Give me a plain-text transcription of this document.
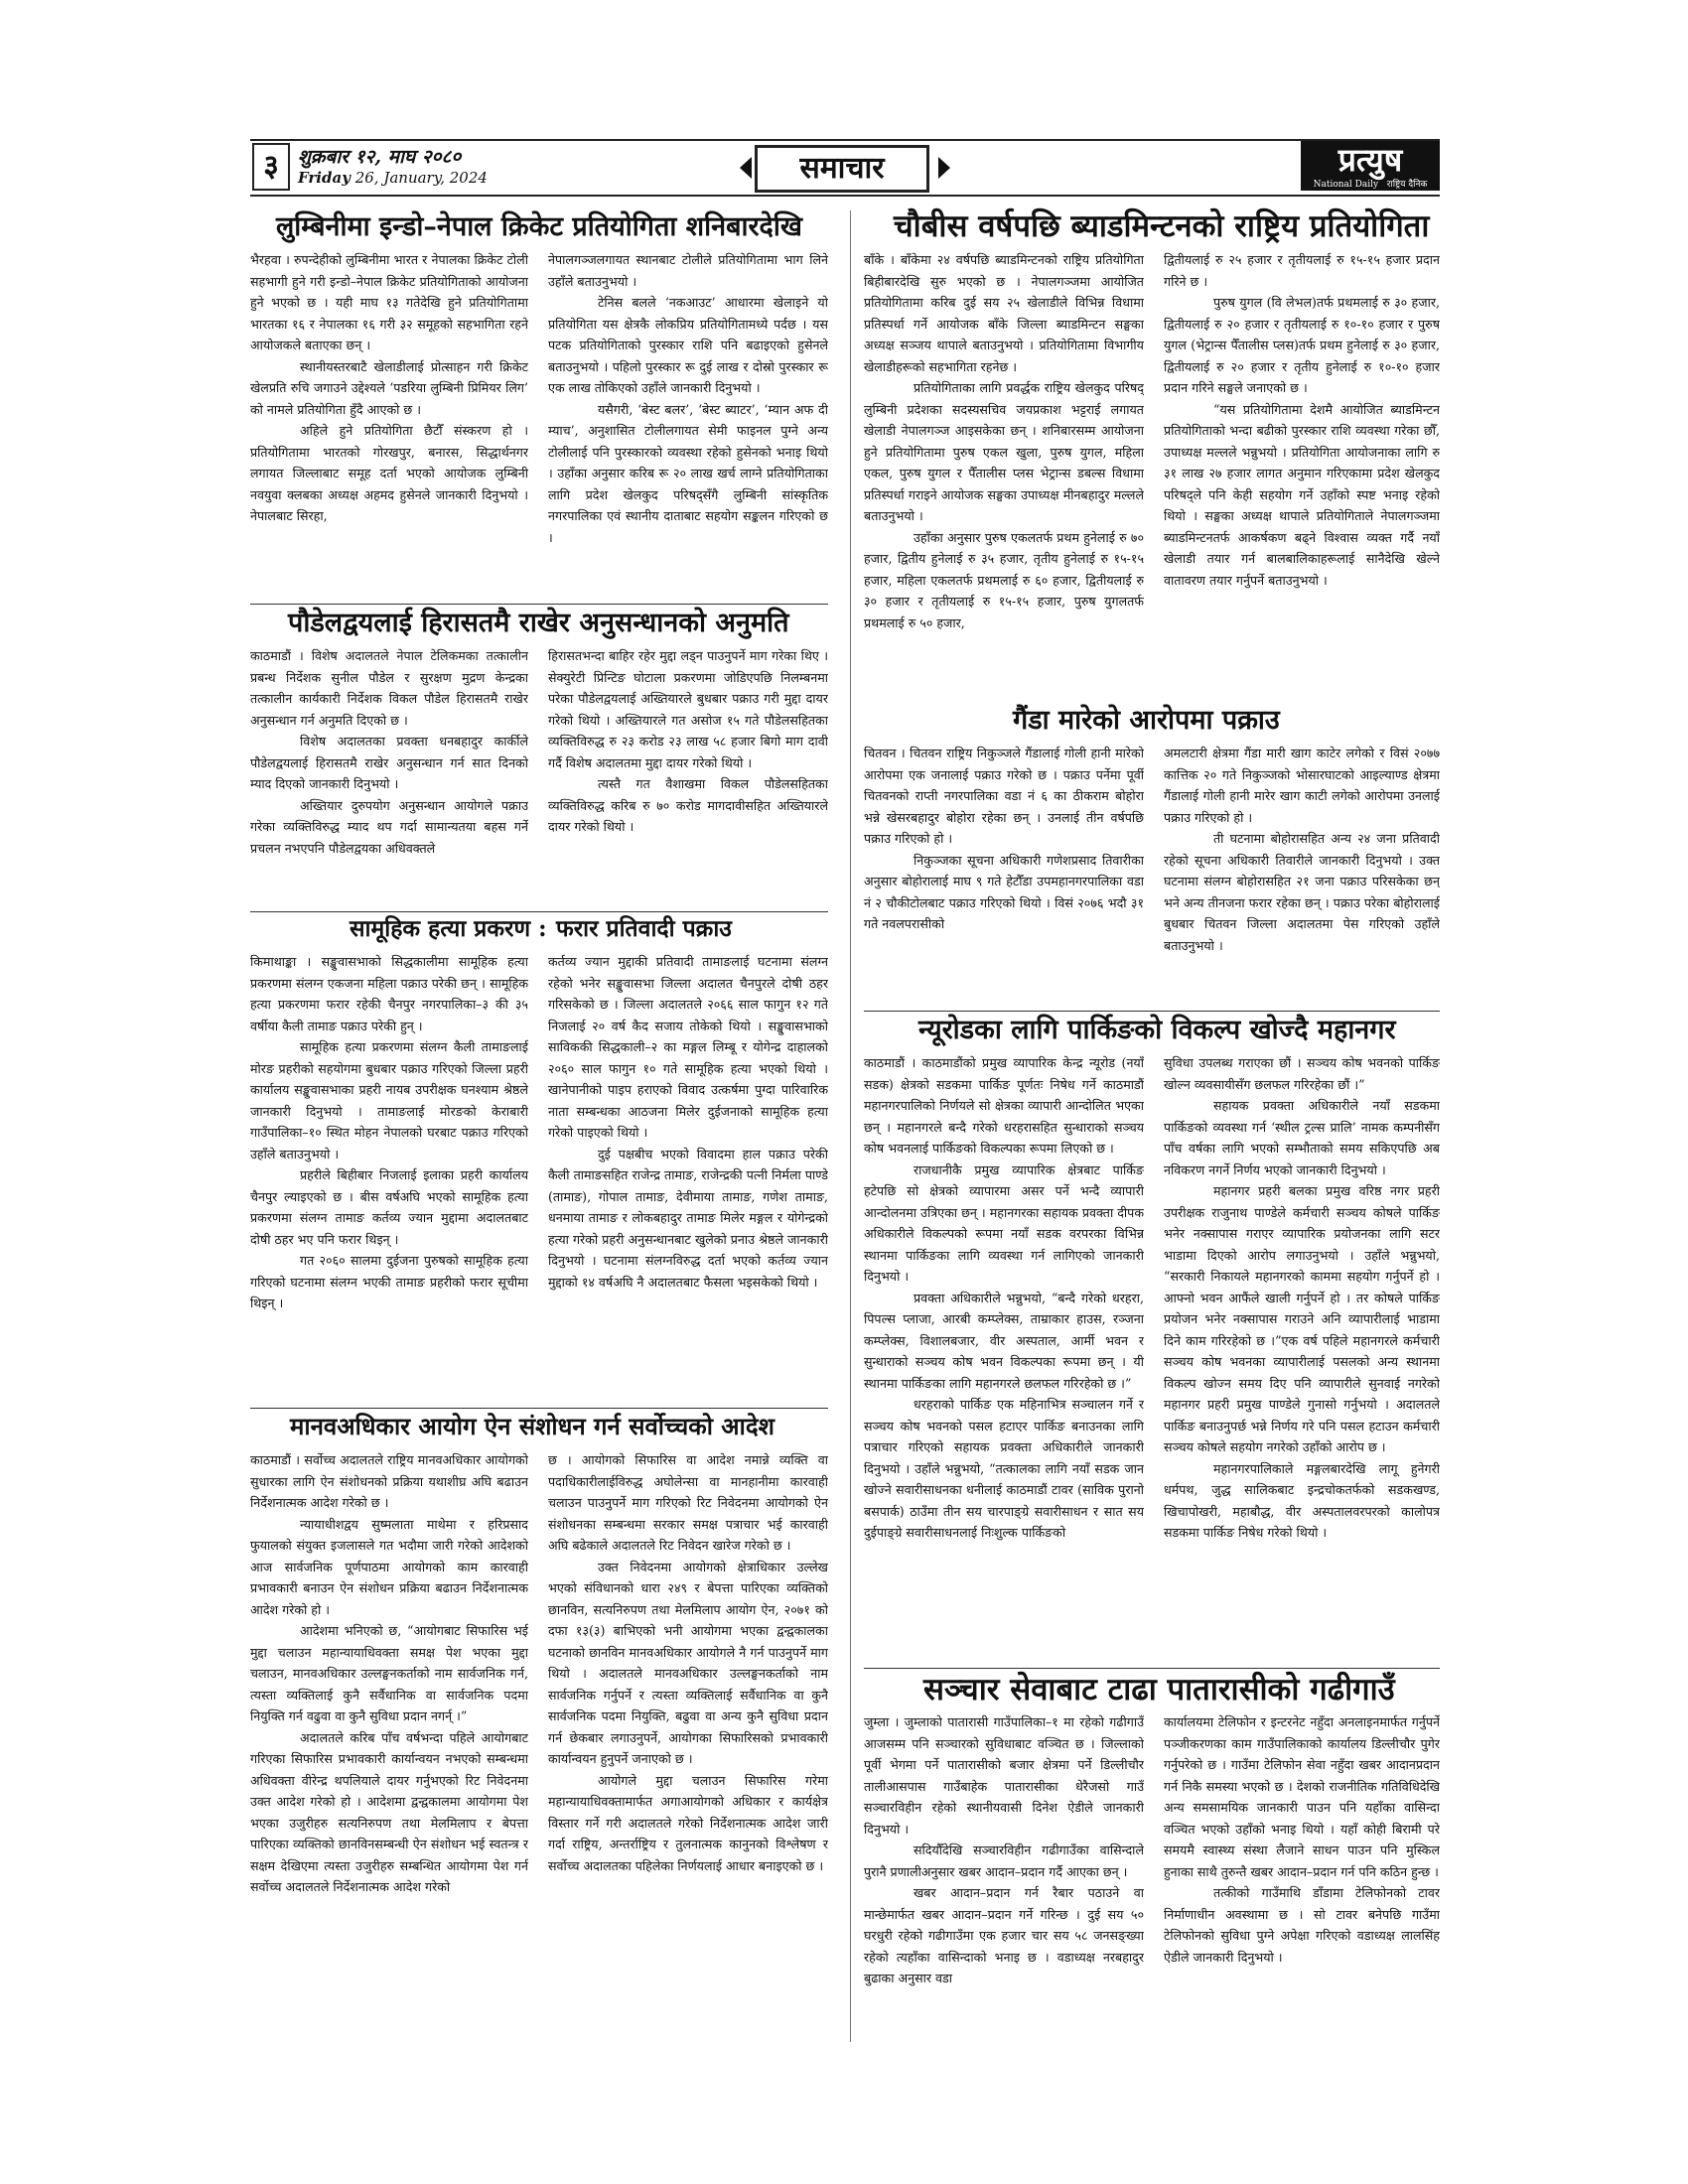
३	शुक्रबार १२, माघ २०८०
Friday 26, January, 2024	समाचार	प्रत्युष
National Daily राष्ट्रिय दैनिक
लुम्बिनीमा इन्डो–नेपाल क्रिकेट प्रतियोगिता शनिबारदेखि

भैरहवा । रुपन्देहीको लुम्बिनीमा भारत र नेपालका क्रिकेट टोली सहभागी हुने गरी इन्डो–नेपाल क्रिकेट प्रतियोगिताको आयोजना हुने भएको छ । यही माघ १३ गतेदेखि हुने प्रतियोगितामा भारतका १६ र नेपालका १६ गरी ३२ समूहको सहभागिता रहने आयोजकले बताएका छन् ।

स्थानीयस्तरबाटै खेलाडीलाई प्रोत्साहन गरी क्रिकेट खेलप्रति रुचि जगाउने उद्देश्यले ‘पडरिया लुम्बिनी प्रिमियर लिग’ को नामले प्रतियोगिता हुँदै आएको छ ।

अहिले हुने प्रतियोगिता छैटौँ संस्करण हो । प्रतियोगितामा भारतको गोरखपुर, बनारस, सिद्धार्थनगर लगायत जिल्लाबाट समूह दर्ता भएको आयोजक लुम्बिनी नवयुवा क्लबका अध्यक्ष अहमद हुसेनले जानकारी दिनुभयो । नेपालबाट सिरहा,

नेपालगञ्जलगायत स्थानबाट टोलीले प्रतियोगितामा भाग लिने उहाँले बताउनुभयो ।

टेनिस बलले ‘नकआउट’ आधारमा खेलाइने यो प्रतियोगिता यस क्षेत्रकै लोकप्रिय प्रतियोगितामध्ये पर्दछ । यस पटक प्रतियोगिताको पुरस्कार राशि पनि बढाइएको हुसेनले बताउनुभयो । पहिलो पुरस्कार रू दुई लाख र दोस्रो पुरस्कार रू एक लाख तोकिएको उहाँले जानकारी दिनुभयो ।

यसैगरी, ‘बेस्ट बलर’, ‘बेस्ट ब्याटर’, ‘म्यान अफ दी म्याच’, अनुशासित टोलीलगायत सेमी फाइनल पुग्ने अन्य टोलीलाई पनि पुरस्कारको व्यवस्था रहेको हुसेनको भनाइ थियो । उहाँका अनुसार करिब रू २० लाख खर्च लाग्ने प्रतियोगिताका लागि प्रदेश खेलकुद परिषद्सँगै लुम्बिनी सांस्कृतिक नगरपालिका एवं स्थानीय दाताबाट सहयोग सङ्कलन गरिएको छ ।

पौडेलद्वयलाई हिरासतमै राखेर अनुसन्धानको अनुमति

काठमाडौं । विशेष अदालतले नेपाल टेलिकमका तत्कालीन प्रबन्ध निर्देशक सुनील पौडेल र सुरक्षण मुद्रण केन्द्रका तत्कालीन कार्यकारी निर्देशक विकल पौडेल हिरासतमै राखेर अनुसन्धान गर्न अनुमति दिएको छ ।

विशेष अदालतका प्रवक्ता धनबहादुर कार्कीले पौडेलद्वयलाई हिरासतमै राखेर अनुसन्धान गर्न सात दिनको म्याद दिएको जानकारी दिनुभयो ।

अख्तियार दुरुपयोग अनुसन्धान आयोगले पक्राउ गरेका व्यक्तिविरुद्ध म्याद थप गर्दा सामान्यतया बहस गर्ने प्रचलन नभएपनि पौडेलद्वयका अधिवक्तले

हिरासतभन्दा बाहिर रहेर मुद्दा लड्न पाउनुपर्ने माग गरेका थिए । सेक्युरेटी प्रिन्टिङ घोटाला प्रकरणमा जोडिएपछि निलम्बनमा परेका पौडेलद्वयलाई अख्तियारले बुधबार पक्राउ गरी मुद्दा दायर गरेको थियो । अख्तियारले गत असोज १५ गते पौडेलसहितका व्यक्तिविरुद्ध रु २३ करोड २३ लाख ५८ हजार बिगो माग दावी गर्दै विशेष अदालतमा मुद्दा दायर गरेको थियो ।

त्यस्तै गत वैशाखमा विकल पौडेलसहितका व्यक्तिविरुद्ध करिब रु ७० करोड मागदावीसहित अख्तियारले दायर गरेको थियो ।

सामूहिक हत्या प्रकरण : फरार प्रतिवादी पक्राउ

किमाथाङ्का । सङ्खुवासभाको सिद्धकालीमा सामूहिक हत्या प्रकरणमा संलग्न एकजना महिला पक्राउ परेकी छन् । सामूहिक हत्या प्रकरणमा फरार रहेकी चैनपुर नगरपालिका–३ की ३५ वर्षीया कैली तामाङ पक्राउ परेकी हुन् ।

सामूहिक हत्या प्रकरणमा संलग्न कैली तामाङलाई मोरङ प्रहरीको सहयोगमा बुधबार पक्राउ गरिएको जिल्ला प्रहरी कार्यालय सङ्खुवासभाका प्रहरी नायब उपरीक्षक घनश्याम श्रेष्ठले जानकारी दिनुभयो । तामाङलाई मोरङको केराबारी गाउँपालिका–१० स्थित मोहन नेपालको घरबाट पक्राउ गरिएको उहाँले बताउनुभयो ।

प्रहरीले बिहीबार निजलाई इलाका प्रहरी कार्यालय चैनपुर ल्याइएको छ । बीस वर्षअघि भएको सामूहिक हत्या प्रकरणमा संलग्न तामाङ कर्तव्य ज्यान मुद्दामा अदालतबाट दोषी ठहर भए पनि फरार थिइन् ।

गत २०६० सालमा दुईजना पुरुषको सामूहिक हत्या गरिएको घटनामा संलग्न भएकी तामाङ प्रहरीको फरार सूचीमा थिइन् ।

कर्तव्य ज्यान मुद्दाकी प्रतिवादी तामाङलाई घटनामा संलग्न रहेको भनेर सङ्खुवासभा जिल्ला अदालत चैनपुरले दोषी ठहर गरिसकेको छ । जिल्ला अदालतले २०६६ साल फागुन १२ गते निजलाई २० वर्ष कैद सजाय तोकेको थियो । सङ्खुवासभाको साविककी सिद्धकाली–२ का मङ्गल लिम्बू र योगेन्द्र दाहालको २०६० साल फागुन १० गते सामूहिक हत्या भएको थियो । खानेपानीको पाइप हराएको विवाद उत्कर्षमा पुग्दा पारिवारिक नाता सम्बन्धका आठजना मिलेर दुईजनाको सामूहिक हत्या गरेको पाइएको थियो ।

दुई पक्षबीच भएको विवादमा हाल पक्राउ परेकी कैली तामाङसहित राजेन्द्र तामाङ, राजेन्द्रकी पत्नी निर्मला पाण्डे (तामाङ), गोपाल तामाङ, देवीमाया तामाङ, गणेश तामाङ, धनमाया तामाङ र लोकबहादुर तामाङ मिलेर मङ्गल र योगेन्द्रको हत्या गरेको प्रहरी अनुसन्धानबाट खुलेको प्रनाउ श्रेष्ठले जानकारी दिनुभयो । घटनामा संलग्नविरुद्ध दर्ता भएको कर्तव्य ज्यान मुद्दाको १४ वर्षअघि नै अदालतबाट फैसला भइसकेको थियो ।

मानवअधिकार आयोग ऐन संशोधन गर्न सर्वोच्चको आदेश

काठमाडौं । सर्वोच्च अदालतले राष्ट्रिय मानवअधिकार आयोगको सुधारका लागि ऐन संशोधनको प्रक्रिया यथाशीघ्र अघि बढाउन निर्देशनात्मक आदेश गरेको छ ।

न्यायाधीशद्वय सुष्मलाता माथेमा र हरिप्रसाद फुयालको संयुक्त इजलासले गत भदौमा जारी गरेको आदेशको आज सार्वजनिक पूर्णपाठमा आयोगको काम कारवाही प्रभावकारी बनाउन ऐन संशोधन प्रक्रिया बढाउन निर्देशनात्मक आदेश गरेको हो ।

आदेशमा भनिएको छ, “आयोगबाट सिफारिस भई मुद्दा चलाउन महान्यायाधिवक्ता समक्ष पेश भएका मुद्दा चलाउन, मानवअधिकार उल्लङ्घनकर्ताको नाम सार्वजनिक गर्न, त्यस्ता व्यक्तिलाई कुनै सर्वैधानिक वा सार्वजनिक पदमा नियुक्ति गर्न वढुवा वा कुनै सुविधा प्रदान नगर्न् ।”

अदालतले करिब पाँच वर्षभन्दा पहिले आयोगबाट गरिएका सिफारिस प्रभावकारी कार्यान्वयन नभएको सम्बन्धमा अधिवक्ता वीरेन्द्र थपलियाले दायर गर्नुभएको रिट निवेदनमा उक्त आदेश गरेको हो । आदेशमा द्वन्द्वकालमा आयोगमा पेश भएका उजुरीहरु सत्यनिरुपण तथा मेलमिलाप र बेपत्ता पारिएका व्यक्तिको छानविनसम्बन्धी ऐन संशोधन भई स्वतन्त्र र सक्षम देखिएमा त्यस्ता उजुरीहरु सम्बन्धित आयोगमा पेश गर्न सर्वोच्च अदालतले निर्देशनात्मक आदेश गरेको

छ । आयोगको सिफारिस वा आदेश नमान्ने व्यक्ति वा पदाधिकारीलाईविरुद्ध अघोलेन्सा वा मानहानीमा कारवाही चलाउन पाउनुपर्ने माग गरिएको रिट निवेदनमा आयोगको ऐन संशोधनका सम्बन्धमा सरकार समक्ष पत्राचार भई कारवाही अघि बढेकाले अदालतले रिट निवेदन खारेज गरेको छ ।

उक्त निवेदनमा आयोगको क्षेत्राधिकार उल्लेख भएको संविधानको धारा २४९ र बेपत्ता पारिएका व्यक्तिको छानविन, सत्यनिरुपण तथा मेलमिलाप आयोग ऐन, २०७१ को दफा १३(३) बाभिएको भनी आयोगमा भएका द्वन्द्वकालका घटनाको छानविन मानवअधिकार आयोगले नै गर्न पाउनुपर्ने माग थियो । अदालतले मानवअधिकार उल्लङ्घनकर्ताको नाम सार्वजनिक गर्नुपर्ने र त्यस्ता व्यक्तिलाई सर्वैधानिक वा कुनै सार्वजनिक पदमा नियुक्ति, बढुवा वा अन्य कुनै सुविधा प्रदान गर्न छेकबार लगाउनुपर्ने, आयोगका सिफारिसको प्रभावकारी कार्यान्वयन हुनुपर्ने जनाएको छ ।

आयोगले मुद्दा चलाउन सिफारिस गरेमा महान्यायाधिवक्तामार्फत अगाआयोगको अधिकार र कार्यक्षेत्र विस्तार गर्ने गरी अदालतले गरेको निर्देशनात्मक आदेश जारी गर्दा राष्ट्रिय, अन्तर्राष्ट्रिय र तुलनात्मक कानुनको विश्लेषण र सर्वोच्च अदालतका पहिलेका निर्णयलाई आधार बनाइएको छ ।

चौबीस वर्षपछि ब्याडमिन्टनको राष्ट्रिय प्रतियोगिता

बाँके । बाँकेमा २४ वर्षपछि ब्याडमिन्टनको राष्ट्रिय प्रतियोगिता बिहीबारदेखि सुरु भएको छ । नेपालगञ्जमा आयोजित प्रतियोगितामा करिब दुई सय २५ खेलाडीले विभिन्न विधामा प्रतिस्पर्धा गर्ने आयोजक बाँके जिल्ला ब्याडमिन्टन सङ्घका अध्यक्ष सञ्जय थापाले बताउनुभयो । प्रतियोगितामा विभागीय खेलाडीहरूको सहभागिता रहनेछ ।

प्रतियोगिताका लागि प्रवर्द्धक राष्ट्रिय खेलकुद परिषद् लुम्बिनी प्रदेशका सदस्यसचिव जयप्रकाश भट्टराई लगायत खेलाडी नेपालगञ्ज आइसकेका छन् । शनिबारसम्म आयोजना हुने प्रतियोगितामा पुरुष एकल खुला, पुरुष युगल, महिला एकल, पुरुष युगल र पैँतालीस प्लस भेट्रान्स डबल्स विधामा प्रतिस्पर्धा गराइने आयोजक सङ्घका उपाध्यक्ष मीनबहादुर मल्लले बताउनुभयो ।

उहाँका अनुसार पुरुष एकलतर्फ प्रथम हुनेलाई रु ७० हजार, द्वितीय हुनेलाई रु ३५ हजार, तृतीय हुनेलाई रु १५-१५ हजार, महिला एकलतर्फ प्रथमलाई रु ६० हजार, द्वितीयलाई रु ३० हजार र तृतीयलाई रु १५-१५ हजार, पुरुष युगलतर्फ प्रथमलाई रु ५० हजार,

द्वितीयलाई रु २५ हजार र तृतीयलाई रु १५-१५ हजार प्रदान गरिने छ ।

पुरुष युगल (वि लेभल)तर्फ प्रथमलाई रु ३० हजार, द्वितीयलाई रु २० हजार र तृतीयलाई रु १०-१० हजार र पुरुष युगल (भेट्रान्स पैँतालीस प्लस)तर्फ प्रथम हुनेलाई रु ३० हजार, द्वितीयलाई रु २० हजार र तृतीय हुनेलाई रु १०-१० हजार प्रदान गरिने सङ्घले जनाएको छ ।

“यस प्रतियोगितामा देशमै आयोजित ब्याडमिन्टन प्रतियोगिताको भन्दा बढीको पुरस्कार राशि व्यवस्था गरेका छौँ, उपाध्यक्ष मल्लले भन्नुभयो । प्रतियोगिता आयोजनाका लागि रु ३१ लाख २७ हजार लागत अनुमान गरिएकामा प्रदेश खेलकुद परिषद्ले पनि केही सहयोग गर्ने उहाँको स्पष्ट भनाइ रहेको थियो । सङ्घका अध्यक्ष थापाले प्रतियोगिताले नेपालगञ्जमा ब्याडमिन्टनतर्फ आकर्षकण बढ्ने विश्वास व्यक्त गर्दै नयाँ खेलाडी तयार गर्न बालबालिकाहरूलाई सानैदेखि खेल्ने वातावरण तयार गर्नुपर्ने बताउनुभयो ।

गैंडा मारेको आरोपमा पक्राउ

चितवन । चितवन राष्ट्रिय निकुञ्जले गैंडालाई गोली हानी मारेको आरोपमा एक जनालाई पक्राउ गरेको छ । पक्राउ पर्नेमा पूर्वी चितवनको राप्ती नगरपालिका वडा नं ६ का ठीकराम बोहोरा भन्ने खेसरबहादुर बोहोरा रहेका छन् । उनलाई तीन वर्षपछि पक्राउ गरिएको हो ।

निकुञ्जका सूचना अधिकारी गणेशप्रसाद तिवारीका अनुसार बोहोरालाई माघ ९ गते हेटौँडा उपमहानगरपालिका वडा नं २ चौकीटोलबाट पक्राउ गरिएको थियो । विसं २०७६ भदौ ३१ गते नवलपरासीको

अमलटारी क्षेत्रमा गैंडा मारी खाग काटेर लगेको र विसं २०७७ कात्तिक २० गते निकुञ्जको भोसारघाटको आइल्याण्ड क्षेत्रमा गैंडालाई गोली हानी मारेर खाग काटी लगेको आरोपमा उनलाई पक्राउ गरिएको हो ।

ती घटनामा बोहोरासहित अन्य २४ जना प्रतिवादी रहेको सूचना अधिकारी तिवारीले जानकारी दिनुभयो । उक्त घटनामा संलग्न बोहोरासहित २१ जना पक्राउ परिसकेका छन् भने अन्य तीनजना फरार रहेका छन् । पक्राउ परेका बोहोरालाई बुधबार चितवन जिल्ला अदालतमा पेस गरिएको उहाँले बताउनुभयो ।

न्यूरोडका लागि पार्किङको विकल्प खोज्दै महानगर

काठमाडौं । काठमाडौंको प्रमुख व्यापारिक केन्द्र न्यूरोड (नयाँ सडक) क्षेत्रको सडकमा पार्किङ पूर्णतः निषेध गर्ने काठमाडौं महानगरपालिको निर्णयले सो क्षेत्रका व्यापारी आन्दोलित भएका छन् । महानगरले बन्दै गरेको धरहरासहित सुन्धाराको सञ्चय कोष भवनलाई पार्किङको विकल्पका रूपमा लिएको छ ।

राजधानीकै प्रमुख व्यापारिक क्षेत्रबाट पार्किङ हटेपछि सो क्षेत्रको व्यापारमा असर पर्ने भन्दै व्यापारी आन्दोलनमा उत्रिएका छन् । महानगरका सहायक प्रवक्ता दीपक अधिकारीले विकल्पको रूपमा नयाँ सडक वरपरका विभिन्न स्थानमा पार्किङका लागि व्यवस्था गर्न लागिएको जानकारी दिनुभयो ।

प्रवक्ता अधिकारीले भन्नुभयो, “बन्दै गरेको धरहरा, पिपल्स प्लाजा, आरबी कम्प्लेक्स, ताम्राकार हाउस, रञ्जना कम्प्लेक्स, विशालबजार, वीर अस्पताल, आर्मी भवन र सुन्धाराको सञ्चय कोष भवन विकल्पका रूपमा छन् । यी स्थानमा पार्किङका लागि महानगरले छलफल गरिरहेको छ ।”

धरहराको पार्किङ एक महिनाभित्र सञ्चालन गर्ने र सञ्चय कोष भवनको पसल हटाएर पार्किङ बनाउनका लागि पत्राचार गरिएको सहायक प्रवक्ता अधिकारीले जानकारी दिनुभयो । उहाँले भन्नुभयो, “तत्कालका लागि नयाँ सडक जान खोज्ने सवारीसाधनका धनीलाई काठमाडौं टावर (साविक पुरानो बसपार्क) ठाउँमा तीन सय चारपाङ्ग्रे सवारीसाधन र सात सय दुईपाङ्ग्रे सवारीसाधनलाई निःशुल्क पार्किङको

सुविधा उपलब्ध गराएका छौं । सञ्चय कोष भवनको पार्किङ खोल्न व्यवसायीसँग छलफल गरिरहेका छौं ।”

सहायक प्रवक्ता अधिकारीले नयाँ सडकमा पार्किङको व्यवस्था गर्न ‘स्थील ट्रल्स प्रालि’ नामक कम्पनीसँग पाँच वर्षका लागि भएको सम्भौताको समय सकिएपछि अब नविकरण नगर्ने निर्णय भएको जानकारी दिनुभयो ।

महानगर प्रहरी बलका प्रमुख वरिष्ठ नगर प्रहरी उपरीक्षक राजुनाथ पाण्डेले कर्मचारी सञ्चय कोषले पार्किङ भनेर नक्सापास गराएर व्यापारिक प्रयोजनका लागि सटर भाडामा दिएको आरोप लगाउनुभयो । उहाँले भन्नुभयो, “सरकारी निकायले महानगरको काममा सहयोग गर्नुपर्ने हो । आफ्नो भवन आफैंले खाली गर्नुपर्ने हो । तर कोषले पार्किङ प्रयोजन भनेर नक्सापास गराउने अनि व्यापारीलाई भाडामा दिने काम गरिरहेको छ ।”एक वर्ष पहिले महानगरले कर्मचारी सञ्चय कोष भवनका व्यापारीलाई पसलको अन्य स्थानमा विकल्प खोज्न समय दिए पनि व्यापारीले सुनवाई नगरेको महानगर प्रहरी प्रमुख पाण्डेले गुनासो गर्नुभयो । अदालतले पार्किङ बनाउनुपर्छ भन्ने निर्णय गरे पनि पसल हटाउन कर्मचारी सञ्चय कोषले सहयोग नगरेको उहाँको आरोप छ ।

महानगरपालिकाले मङ्गलबारदेखि लागू हुनेगरी धर्मपथ, जुद्ध सालिकबाट इन्द्रचोकतर्फको सडकखण्ड, खिचापोखरी, महाबौद्ध, वीर अस्पतालवरपरको कालोपत्र सडकमा पार्किङ निषेध गरेको थियो ।

सञ्चार सेवाबाट टाढा पातारासीको गढीगाउँ

जुम्ला । जुम्लाको पातारासी गाउँपालिका–१ मा रहेको गढीगाउँ आजसम्म पनि सञ्चारको सुविधाबाट वञ्चित छ । जिल्लाको पूर्वी भेगमा पर्ने पातारासीको बजार क्षेत्रमा पर्ने डिल्लीचौर तालीआसपास गाउँबाहेक पातारासीका धेरैजसो गाउँ सञ्चारविहीन रहेको स्थानीयवासी दिनेश ऐडीले जानकारी दिनुभयो ।

सदियौँदेखि सञ्चारविहीन गढीगाउँका वासिन्दाले पुरानै प्रणालीअनुसार खबर आदान–प्रदान गर्दै आएका छन् ।

खबर आदान–प्रदान गर्न रैबार पठाउने वा मान्छेमार्फत खबर आदान–प्रदान गर्ने गरिन्छ । दुई सय ५० घरधुरी रहेको गढीगाउँमा एक हजार चार सय ५८ जनसङ्ख्या रहेको त्यहाँका वासिन्दाको भनाइ छ । वडाध्यक्ष नरबहादुर बुढाका अनुसार वडा

कार्यालयमा टेलिफोन र इन्टरनेट नहुँदा अनलाइनमार्फत गर्नुपर्ने पञ्जीकरणका काम गाउँपालिकाको कार्यालय डिल्लीचौर पुगेर गर्नुपरेको छ । गाउँमा टेलिफोन सेवा नहुँदा खबर आदानप्रदान गर्न निकै समस्या भएको छ । देशको राजनीतिक गतिविधिदेखि अन्य समसामयिक जानकारी पाउन पनि यहाँका वासिन्दा वञ्चित भएको उहाँको भनाइ थियो । यहाँ कोही बिरामी परे समयमै स्वास्थ्य संस्था लैजाने साधन पाउन पनि मुस्किल हुनाका साथै तुरुन्तै खबर आदान–प्रदान गर्न पनि कठिन हुन्छ ।

तत्कीको गाउँमाथि डाँडामा टेलिफोनको टावर निर्माणाधीन अवस्थामा छ । सो टावर बनेपछि गाउँमा टेलिफोनको सुविधा पुग्ने अपेक्षा गरिएको वडाध्यक्ष लालसिंह ऐडीले जानकारी दिनुभयो ।
